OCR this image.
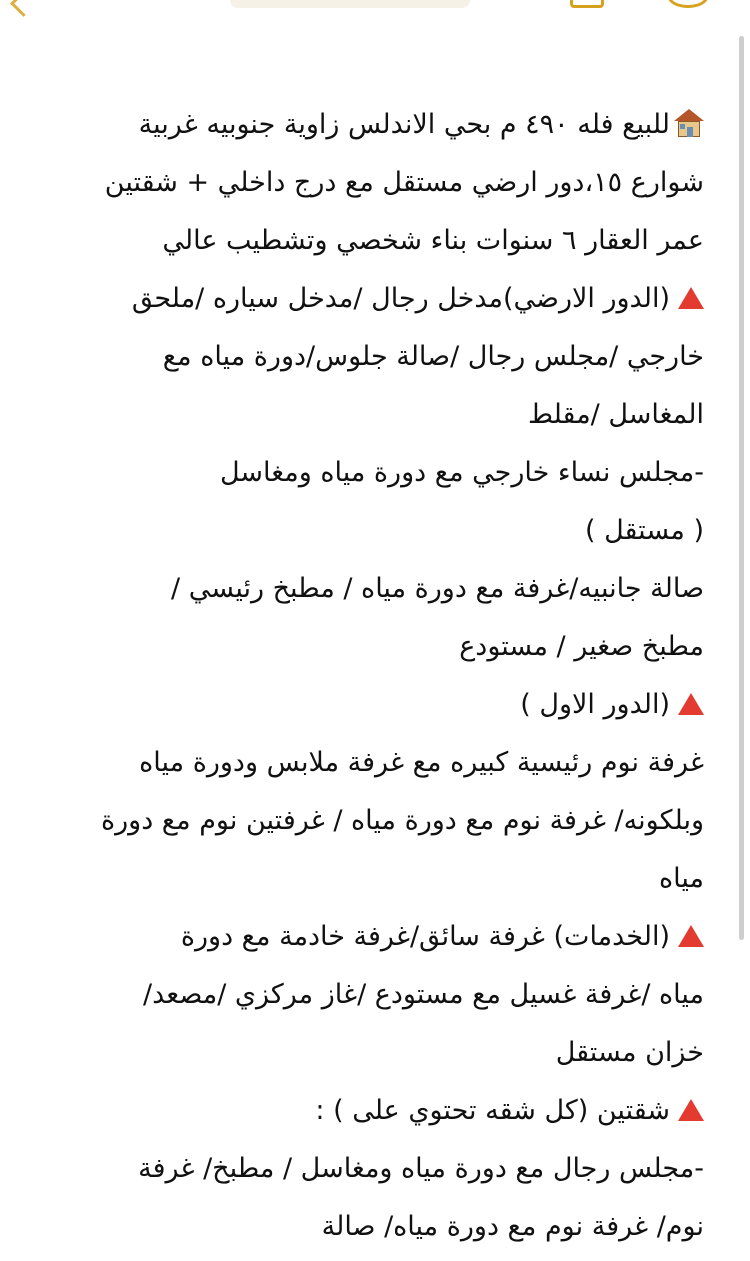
للبيع فله ٤٩٠ م بحي الاندلس زاوية جنوبيه غربية
شوارع ١٥،دور ارضي مستقل مع درج داخلي + شقتين
عمر العقار ٦ سنوات بناء شخصي وتشطيب عالي
(الدور الارضي)مدخل رجال /مدخل سياره /ملحق
خارجي /مجلس رجال /صالة جلوس/دورة مياه مع
المغاسل /مقلط
-مجلس نساء خارجي مع دورة مياه ومغاسل
( مستقل )
صالة جانبيه/غرفة مع دورة مياه / مطبخ رئيسي /
مطبخ صغير / مستودع
(الدور الاول )
غرفة نوم رئيسية كبيره مع غرفة ملابس ودورة مياه
وبلكونه/ غرفة نوم مع دورة مياه / غرفتين نوم مع دورة
مياه
(الخدمات) غرفة سائق/غرفة خادمة مع دورة
مياه /غرفة غسيل مع مستودع /غاز مركزي /مصعد/
خزان مستقل
شقتين (كل شقه تحتوي على ) :
-مجلس رجال مع دورة مياه ومغاسل / مطبخ/ غرفة
نوم/ غرفة نوم مع دورة مياه/ صالة
